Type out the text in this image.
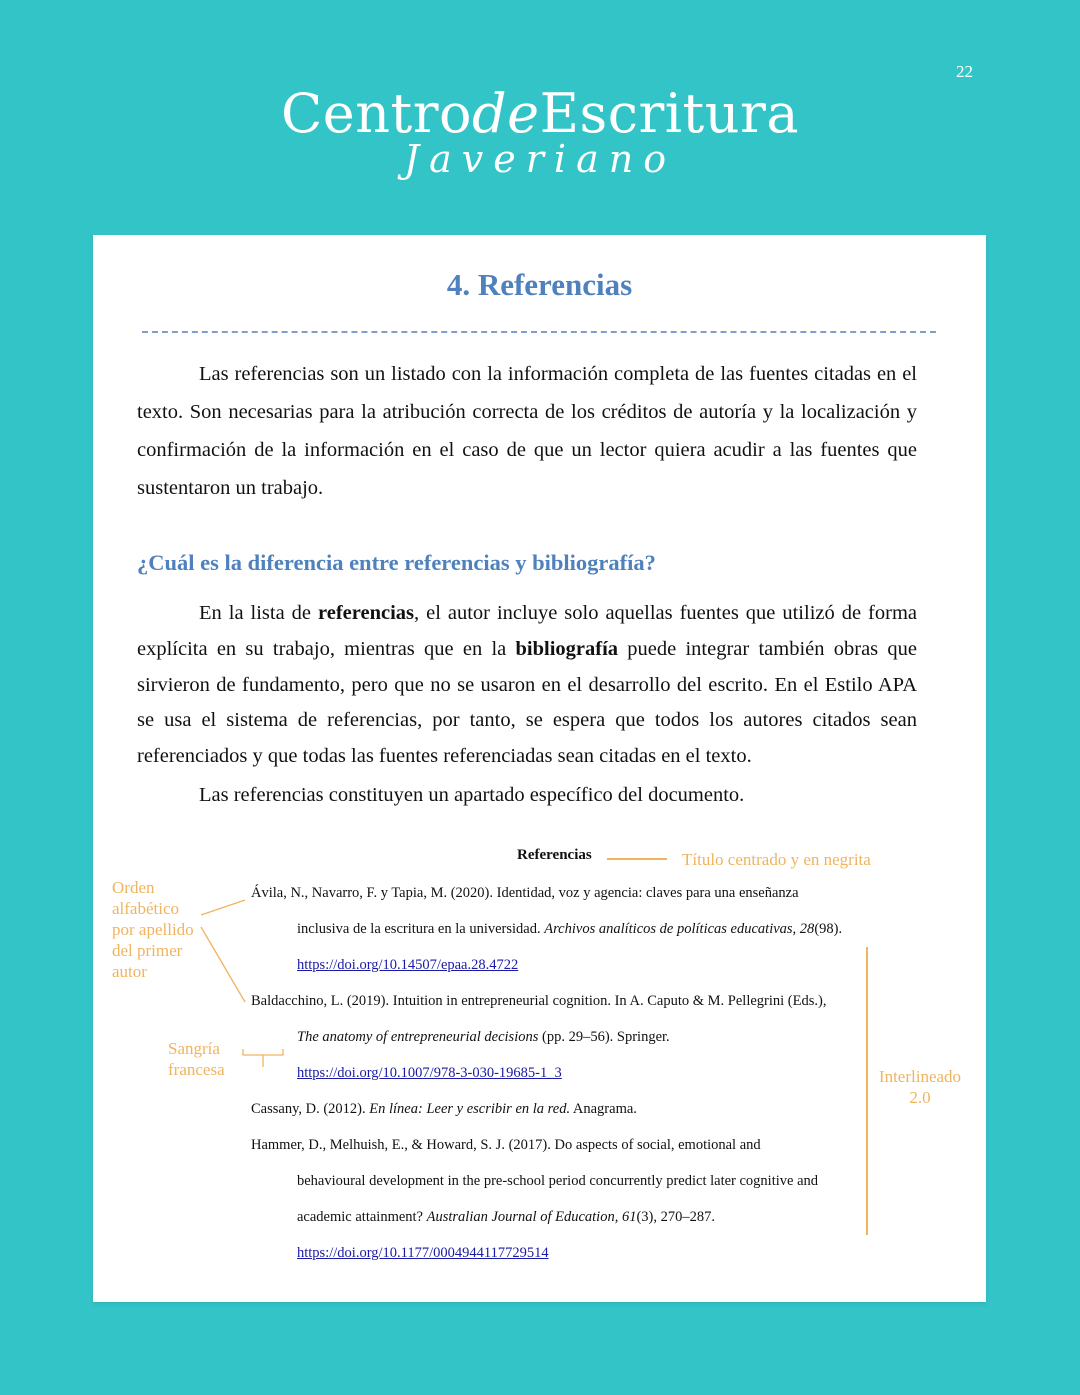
22
CentrodeEscritura
Javeriano
4. Referencias

Las referencias son un listado con la información completa de las fuentes citadas en el texto. Son necesarias para la atribución correcta de los créditos de autoría y la localización y confirmación de la información en el caso de que un lector quiera acudir a las fuentes que sustentaron un trabajo.

¿Cuál es la diferencia entre referencias y bibliografía?

En la lista de referencias, el autor incluye solo aquellas fuentes que utilizó de forma explícita en su trabajo, mientras que en la bibliografía puede integrar también obras que sirvieron de fundamento, pero que no se usaron en el desarrollo del escrito. En el Estilo APA se usa el sistema de referencias, por tanto, se espera que todos los autores citados sean referenciados y que todas las fuentes referenciadas sean citadas en el texto.

Las referencias constituyen un apartado específico del documento.

Referencias
Ávila, N., Navarro, F. y Tapia, M. (2020). Identidad, voz y agencia: claves para una enseñanza
inclusiva de la escritura en la universidad. Archivos analíticos de políticas educativas, 28(98).
https://doi.org/10.14507/epaa.28.4722
Baldacchino, L. (2019). Intuition in entrepreneurial cognition. In A. Caputo & M. Pellegrini (Eds.),
The anatomy of entrepreneurial decisions (pp. 29–56). Springer.
https://doi.org/10.1007/978-3-030-19685-1_3
Cassany, D. (2012). En línea: Leer y escribir en la red. Anagrama.
Hammer, D., Melhuish, E., & Howard, S. J. (2017). Do aspects of social, emotional and
behavioural development in the pre-school period concurrently predict later cognitive and
academic attainment? Australian Journal of Education, 61(3), 270–287.
https://doi.org/10.1177/0004944117729514
Título centrado y en negrita
Orden
alfabético
por apellido
del primer
autor
Sangría
francesa	Interlineado
2.0
